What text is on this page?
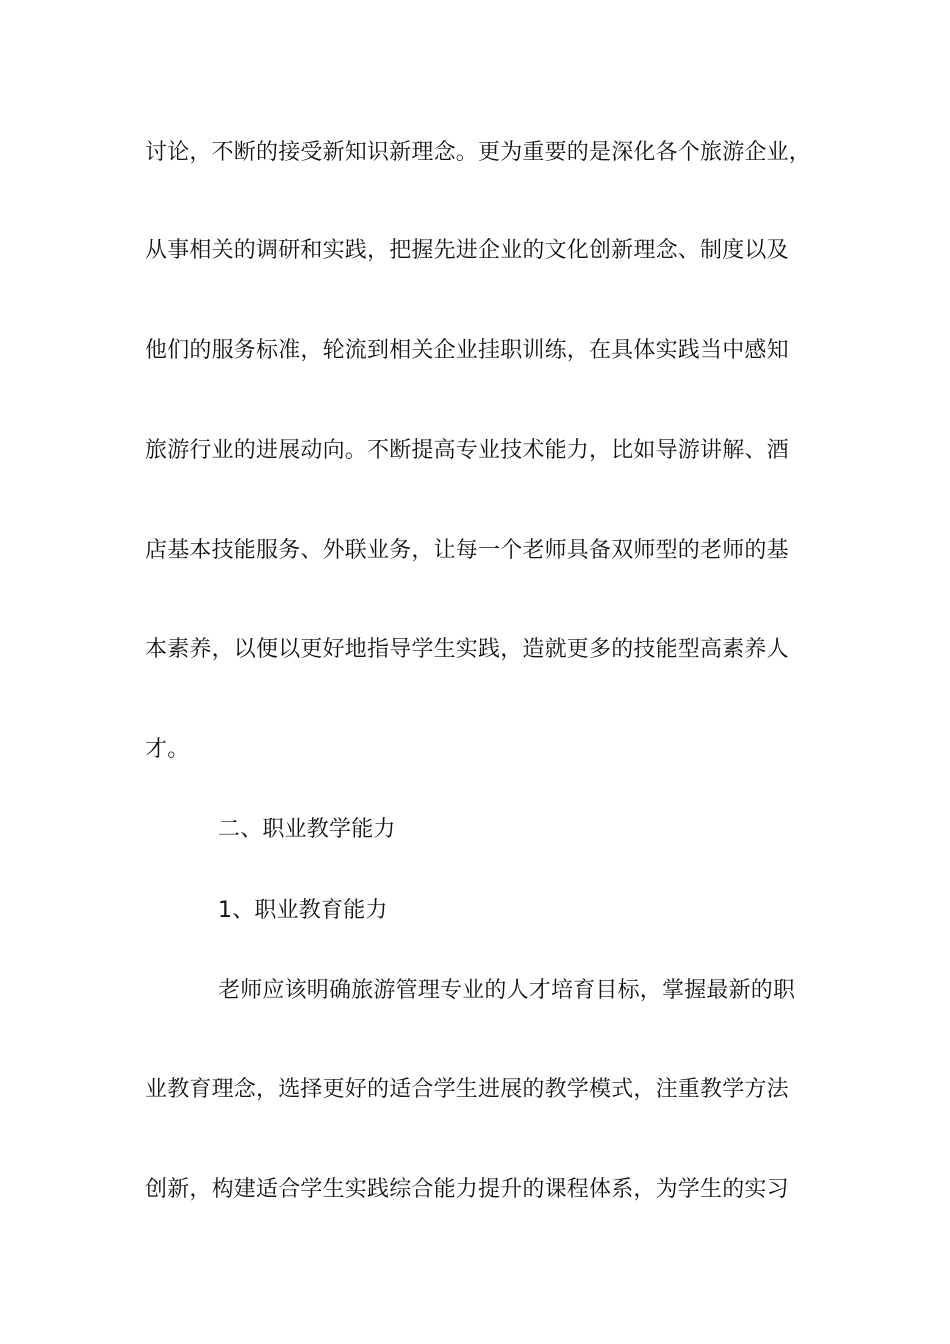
讨论，不断的接受新知识新理念。更为重要的是深化各个旅游企业，
从事相关的调研和实践，把握先进企业的文化创新理念、制度以及
他们的服务标准，轮流到相关企业挂职训练，在具体实践当中感知
旅游行业的进展动向。不断提高专业技术能力，比如导游讲解、酒
店基本技能服务、外联业务，让每一个老师具备双师型的老师的基
本素养，以便以更好地指导学生实践，造就更多的技能型高素养人
才。
二、职业教学能力
1、职业教育能力
老师应该明确旅游管理专业的人才培育目标，掌握最新的职
业教育理念，选择更好的适合学生进展的教学模式，注重教学方法
创新，构建适合学生实践综合能力提升的课程体系，为学生的实习
